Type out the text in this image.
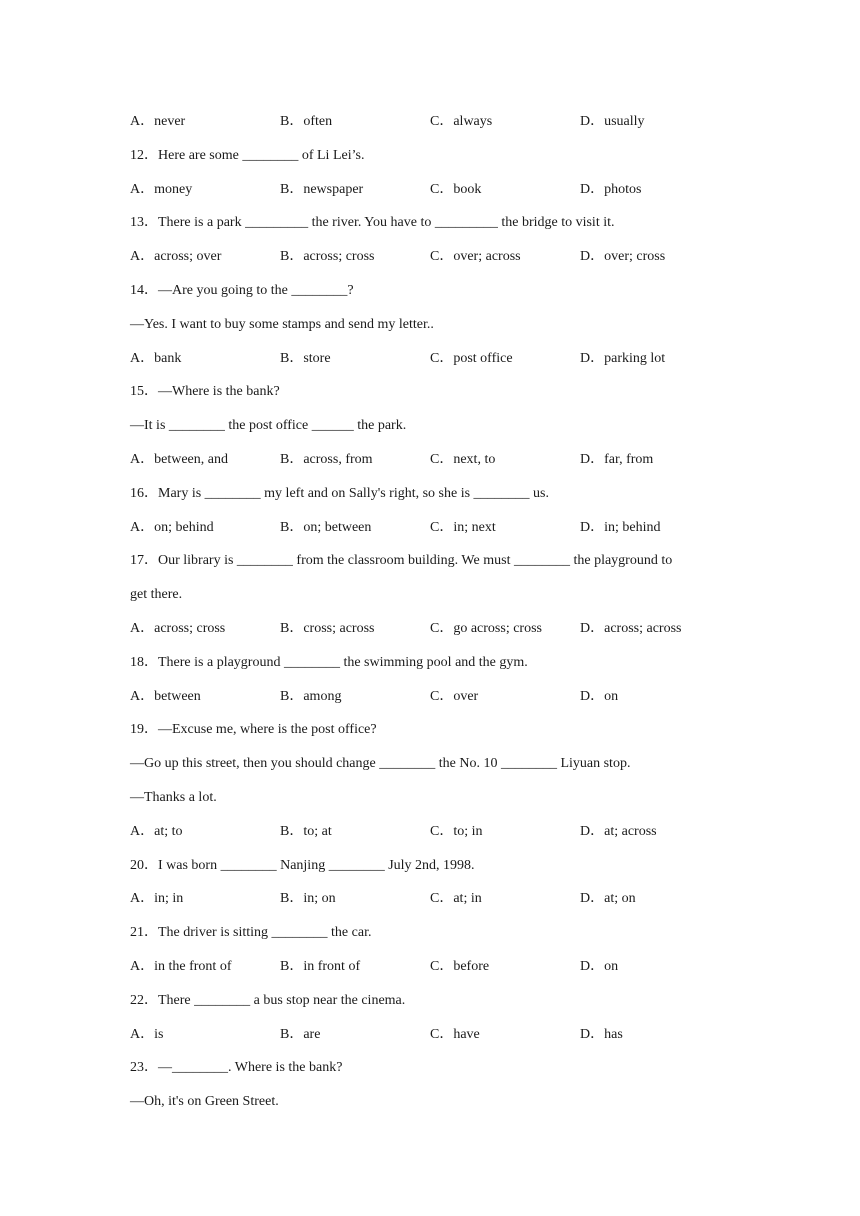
A．never	B．often	C．always	D．usually
12．Here are some ________ of Li Lei’s.
A．money	B．newspaper	C．book	D．photos
13．There is a park _________ the river. You have to _________ the bridge to visit it.
A．across; over	B．across; cross	C．over; across	D．over; cross
14．—Are you going to the ________?
—Yes. I want to buy some stamps and send my letter..
A．bank	B．store	C．post office	D．parking lot
15．—Where is the bank?
—It is ________ the post office ______ the park.
A．between, and	B．across, from	C．next, to	D．far, from
16．Mary is ________ my left and on Sally's right, so she is ________ us.
A．on; behind	B．on; between	C．in; next	D．in; behind
17．Our library is ________ from the classroom building. We must ________ the playground to
get there.
A．across; cross	B．cross; across	C．go across; cross	D．across; across
18．There is a playground ________ the swimming pool and the gym.
A．between	B．among	C．over	D．on
19．—Excuse me, where is the post office?
—Go up this street, then you should change ________ the No. 10 ________ Liyuan stop.
—Thanks a lot.
A．at; to	B．to; at	C．to; in	D．at; across
20．I was born ________ Nanjing ________ July 2nd, 1998.
A．in; in	B．in; on	C．at; in	D．at; on
21．The driver is sitting ________ the car.
A．in the front of	B．in front of	C．before	D．on
22．There ________ a bus stop near the cinema.
A．is	B．are	C．have	D．has
23．—________. Where is the bank?
—Oh, it's on Green Street.
